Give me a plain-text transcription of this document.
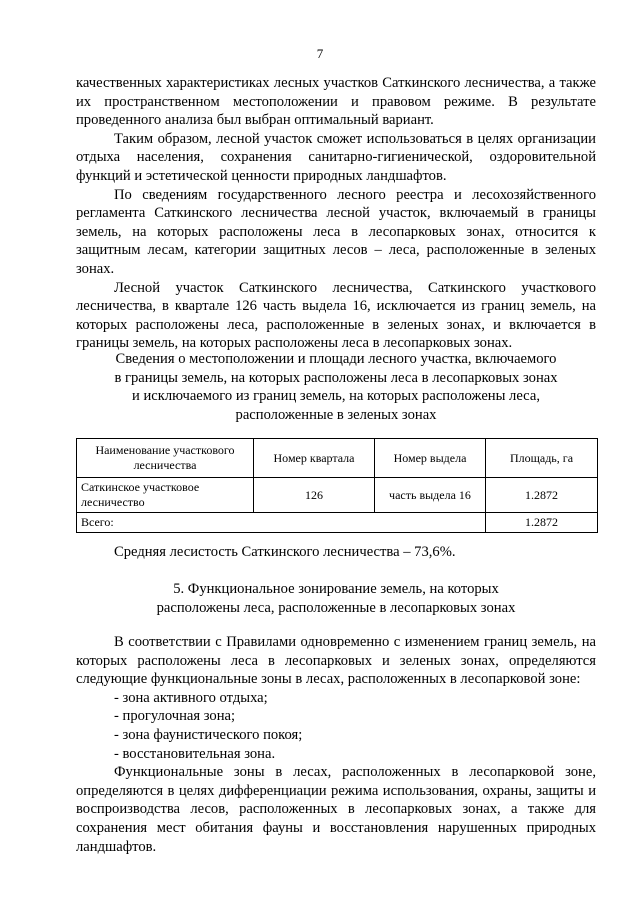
7

качественных характеристиках лесных участков Саткинского лесничества, а также их пространственном местоположении и правовом режиме. В результате проведенного анализа был выбран оптимальный вариант.

Таким образом, лесной участок сможет использоваться в целях организации отдыха населения, сохранения санитарно-гигиенической, оздоровительной функций и эстетической ценности природных ландшафтов.

По сведениям государственного лесного реестра и лесохозяйственного регламента Саткинского лесничества лесной участок, включаемый в границы земель, на которых расположены леса в лесопарковых зонах, относится к защитным лесам, категории защитных лесов – леса, расположенные в зеленых зонах.

Лесной участок Саткинского лесничества, Саткинского участкового лесничества, в квартале 126 часть выдела 16, исключается из границ земель, на которых расположены леса, расположенные в зеленых зонах, и включается в границы земель, на которых расположены леса в лесопарковых зонах.

Сведения о местоположении и площади лесного участка, включаемого
в границы земель, на которых расположены леса в лесопарковых зонах
и исключаемого из границ земель, на которых расположены леса,
расположенные в зеленых зонах
Наименование участкового лесничества	Номер квартала	Номер выдела	Площадь, га
Саткинское участковое лесничество	126	часть выдела 16	1.2872
Всего:			1.2872

Средняя лесистость Саткинского лесничества – 73,6%.

5. Функциональное зонирование земель, на которых
расположены леса, расположенные в лесопарковых зонах

В соответствии с Правилами одновременно с изменением границ земель, на которых расположены леса в лесопарковых и зеленых зонах, определяются следующие функциональные зоны в лесах, расположенных в лесопарковой зоне:

- зона активного отдыха;
- прогулочная зона;
- зона фаунистического покоя;
- восстановительная зона.

Функциональные зоны в лесах, расположенных в лесопарковой зоне, определяются в целях дифференциации режима использования, охраны, защиты и воспроизводства лесов, расположенных в лесопарковых зонах, а также для сохранения мест обитания фауны и восстановления нарушенных природных ландшафтов.
